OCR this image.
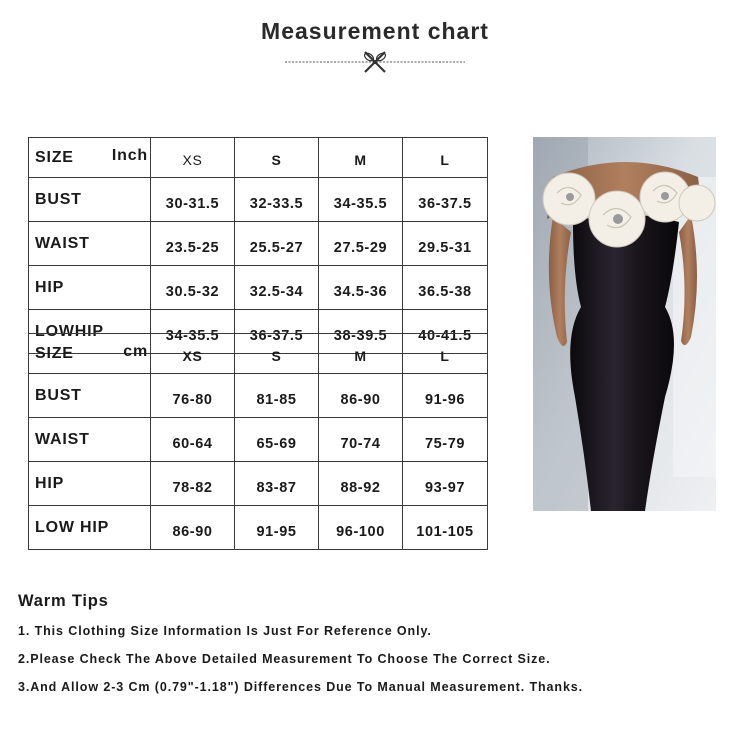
Measurement chart
SIZE Inch	XS	S	M	L
BUST	30-31.5	32-33.5	34-35.5	36-37.5
WAIST	23.5-25	25.5-27	27.5-29	29.5-31
HIP	30.5-32	32.5-34	34.5-36	36.5-38
LOWHIP	34-35.5	36-37.5	38-39.5	40-41.5
SIZE cm	XS	S	M	L
BUST	76-80	81-85	86-90	91-96
WAIST	60-64	65-69	70-74	75-79
HIP	78-82	83-87	88-92	93-97
LOW HIP	86-90	91-95	96-100	101-105
Warm Tips
1. This Clothing Size Information Is Just For Reference Only.
2.Please Check The Above Detailed Measurement To Choose The Correct Size.
3.And Allow 2-3 Cm (0.79"-1.18") Differences Due To Manual Measurement. Thanks.
